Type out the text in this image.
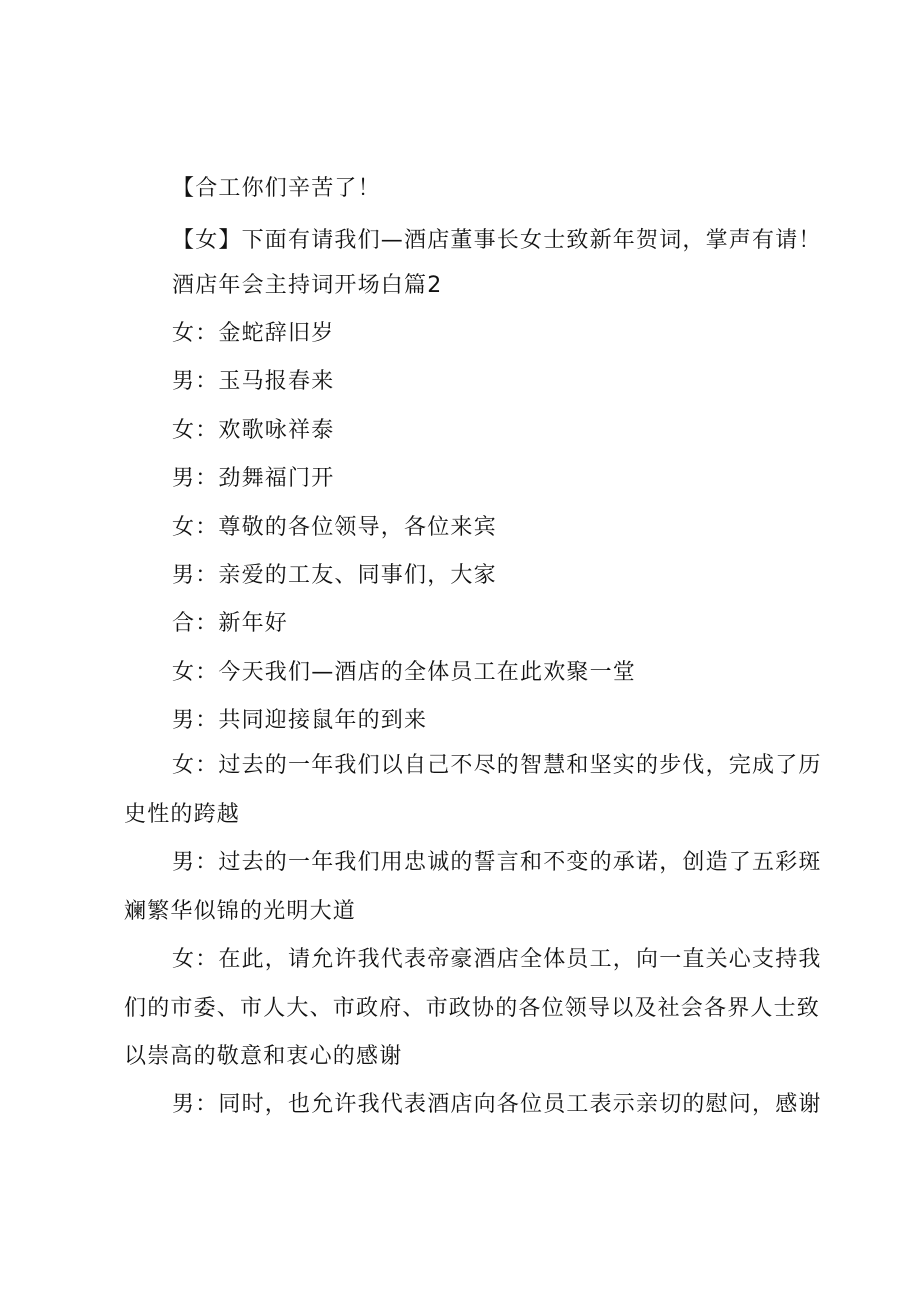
【合工你们辛苦了！
【女】下面有请我们—酒店董事长女士致新年贺词，掌声有请！
酒店年会主持词开场白篇2
女：金蛇辞旧岁
男：玉马报春来
女：欢歌咏祥泰
男：劲舞福门开
女：尊敬的各位领导，各位来宾
男：亲爱的工友、同事们，大家
合：新年好
女：今天我们—酒店的全体员工在此欢聚一堂
男：共同迎接鼠年的到来
女：过去的一年我们以自己不尽的智慧和坚实的步伐，完成了历史性的跨越
男：过去的一年我们用忠诚的誓言和不变的承诺，创造了五彩斑斓繁华似锦的光明大道
女：在此，请允许我代表帝豪酒店全体员工，向一直关心支持我们的市委、市人大、市政府、市政协的各位领导以及社会各界人士致以崇高的敬意和衷心的感谢
男：同时，也允许我代表酒店向各位员工表示亲切的慰问，感谢
